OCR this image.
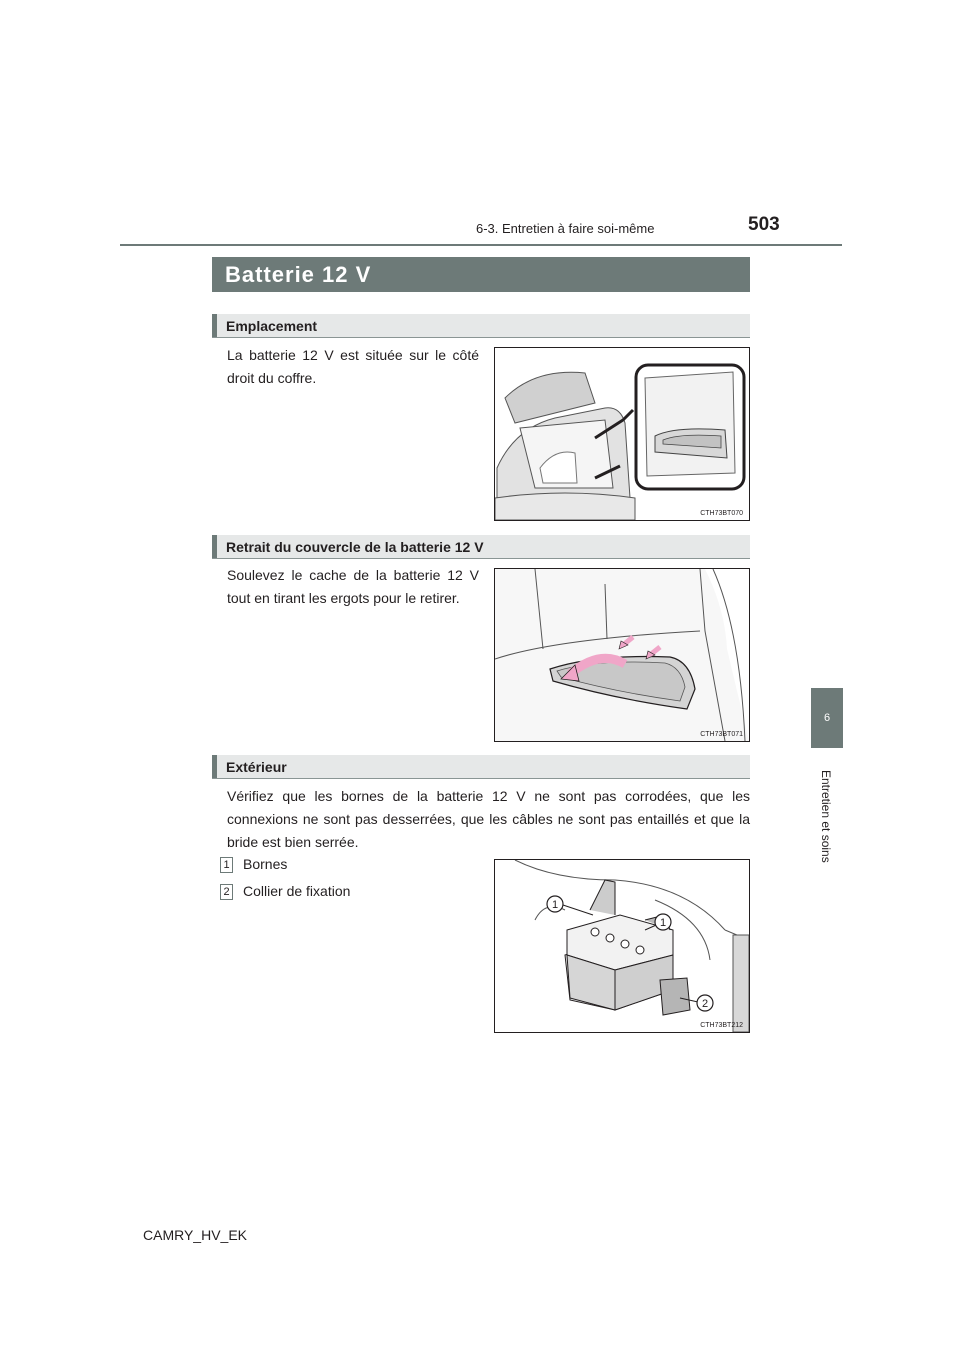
6-3. Entretien à faire soi-même	503
6
Entretien et soins
Batterie 12 V
Emplacement
La batterie 12 V est située sur le côté droit du coffre.
CTH73BT070
Retrait du couvercle de la batterie 12 V
Soulevez le cache de la batterie 12 V tout en tirant les ergots pour le retirer.
CTH73BT071
Extérieur
Vérifiez que les bornes de la batterie 12 V ne sont pas corrodées, que les connexions ne sont pas desserrées, que les câbles ne sont pas entaillés et que la bride est bien serrée.
1 Bornes
2 Collier de fixation
1
1
2
CTH73BT212
CAMRY_HV_EK
